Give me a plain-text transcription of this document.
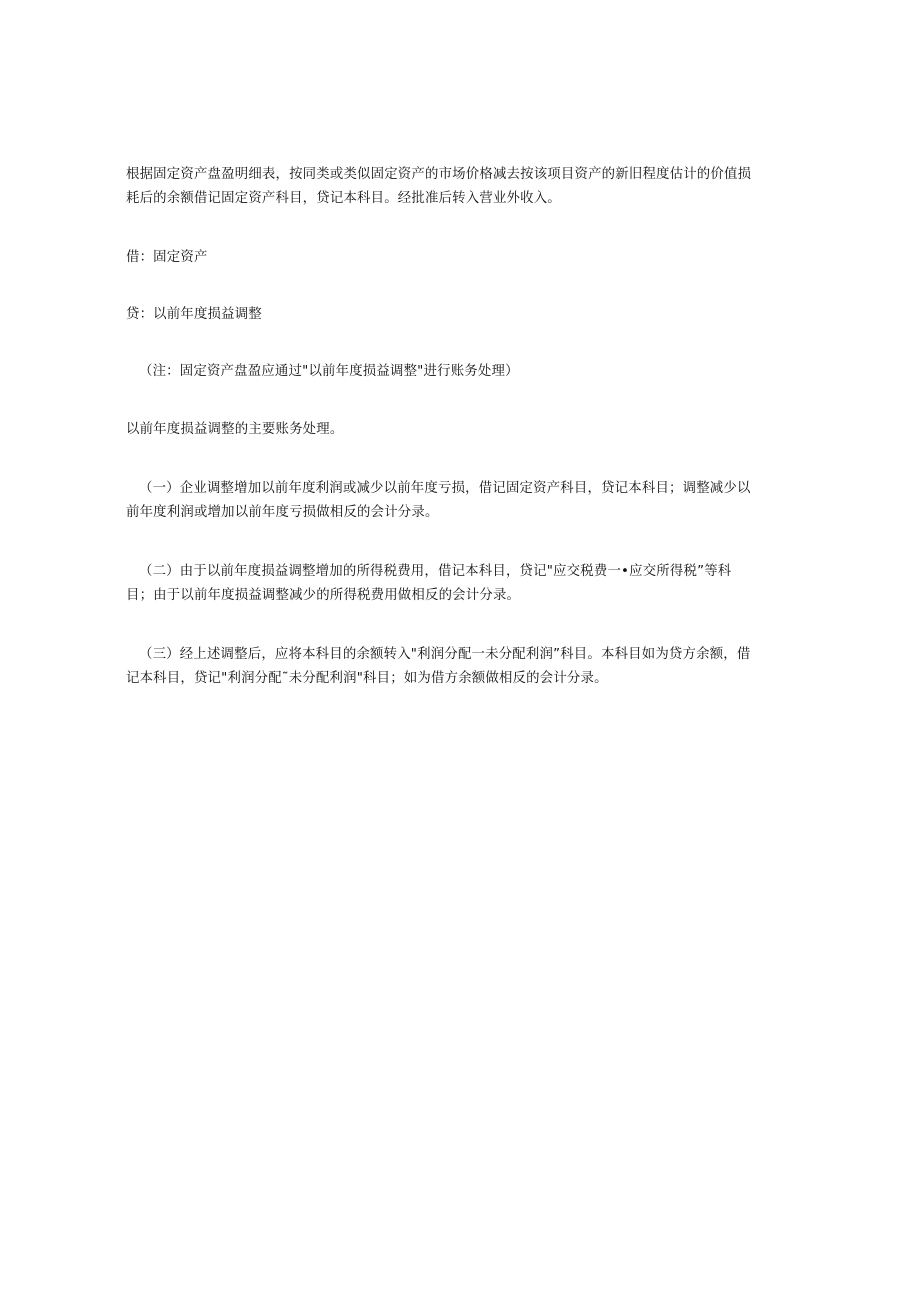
根据固定资产盘盈明细表，按同类或类似固定资产的市场价格减去按该项目资产的新旧程度估计的价值损
耗后的余额借记固定资产科目，贷记本科目。经批准后转入营业外收入。

借：固定资产

贷：以前年度损益调整

（注：固定资产盘盈应通过"以前年度损益调整"进行账务处理）

以前年度损益调整的主要账务处理。

（一）企业调整增加以前年度利润或减少以前年度亏损，借记固定资产科目，贷记本科目；调整减少以
前年度利润或增加以前年度亏损做相反的会计分录。

（二）由于以前年度损益调整增加的所得税费用，借记本科目，贷记"应交税费一•应交所得税”等科
目；由于以前年度损益调整减少的所得税费用做相反的会计分录。

（三）经上述调整后，应将本科目的余额转入"利润分配一未分配利润”科目。本科目如为贷方余额，借
记本科目，贷记"利润分配˜未分配利润"科目；如为借方余额做相反的会计分录。
